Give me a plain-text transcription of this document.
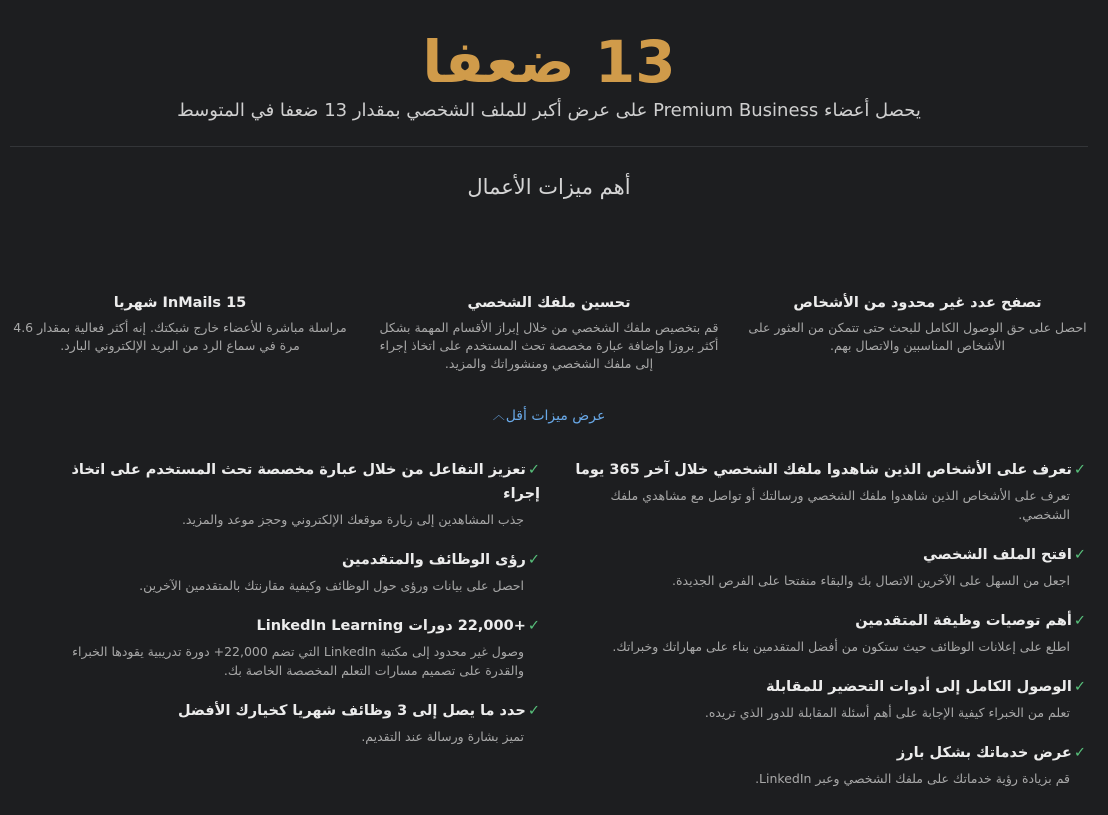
13 ضعفا
يحصل أعضاء Premium Business على عرض أكبر للملف الشخصي بمقدار 13 ضعفا في المتوسط
أهم ميزات الأعمال
تصفح عدد غير محدود من الأشخاص
احصل على حق الوصول الكامل للبحث حتى تتمكن من العثور على الأشخاص المناسبين والاتصال بهم.
تحسين ملفك الشخصي
قم بتخصيص ملفك الشخصي من خلال إبراز الأقسام المهمة بشكل أكثر بروزا وإضافة عبارة مخصصة تحث المستخدم على اتخاذ إجراء إلى ملفك الشخصي ومنشوراتك والمزيد.
InMails 15 شهريا
مراسلة مباشرة للأعضاء خارج شبكتك. إنه أكثر فعالية بمقدار 4.6 مرة في سماع الرد من البريد الإلكتروني البارد.
عرض ميزات أقل︿
✓تعرف على الأشخاص الذين شاهدوا ملفك الشخصي خلال آخر 365 يوما
تعرف على الأشخاص الذين شاهدوا ملفك الشخصي ورسالتك أو تواصل مع مشاهدي ملفك الشخصي.
✓افتح الملف الشخصي
اجعل من السهل على الآخرين الاتصال بك والبقاء منفتحا على الفرص الجديدة.
✓أهم توصيات وظيفة المتقدمين
اطلع على إعلانات الوظائف حيث ستكون من أفضل المتقدمين بناء على مهاراتك وخبراتك.
✓الوصول الكامل إلى أدوات التحضير للمقابلة
تعلم من الخبراء كيفية الإجابة على أهم أسئلة المقابلة للدور الذي تريده.
✓عرض خدماتك بشكل بارز
قم بزيادة رؤية خدماتك على ملفك الشخصي وعبر LinkedIn.
✓تعزيز التفاعل من خلال عبارة مخصصة تحث المستخدم على اتخاذ إجراء
جذب المشاهدين إلى زيارة موقعك الإلكتروني وحجز موعد والمزيد.
✓رؤى الوظائف والمتقدمين
احصل على بيانات ورؤى حول الوظائف وكيفية مقارنتك بالمتقدمين الآخرين.
✓+22,000 دورات LinkedIn Learning
وصول غير محدود إلى مكتبة LinkedIn التي تضم 22,000+ دورة تدريبية يقودها الخبراء والقدرة على تصميم مسارات التعلم المخصصة الخاصة بك.
✓حدد ما يصل إلى 3 وظائف شهريا كخيارك الأفضل
تميز بشارة ورسالة عند التقديم.
